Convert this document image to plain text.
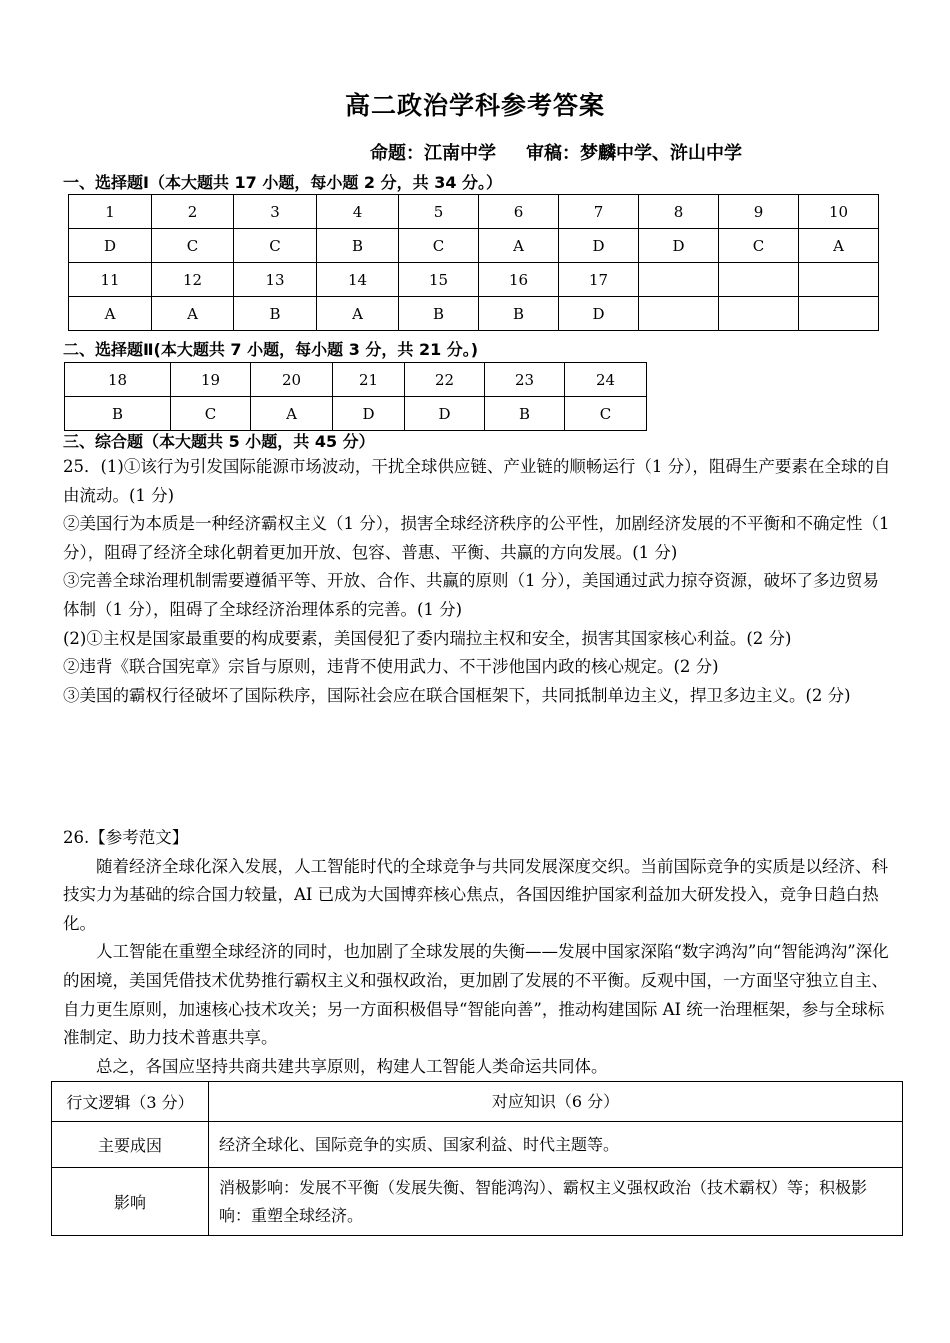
高二政治学科参考答案
命题：江南中学 审稿：梦麟中学、浒山中学
一、选择题Ⅰ（本大题共 17 小题，每小题 2 分，共 34 分。）
1	2	3	4	5	6	7	8	9	10
D	C	C	B	C	A	D	D	C	A
11	12	13	14	15	16	17			
A	A	B	A	B	B	D			
二、选择题Ⅱ(本大题共 7 小题，每小题 3 分，共 21 分。)
18	19	20	21	22	23	24
B	C	A	D	D	B	C
三、综合题（本大题共 5 小题，共 45 分）

25．(1)①该行为引发国际能源市场波动，干扰全球供应链、产业链的顺畅运行（1 分），阻碍生产要素在全球的自由流动。(1 分)

②美国行为本质是一种经济霸权主义（1 分），损害全球经济秩序的公平性，加剧经济发展的不平衡和不确定性（1 分），阻碍了经济全球化朝着更加开放、包容、普惠、平衡、共赢的方向发展。(1 分)

③完善全球治理机制需要遵循平等、开放、合作、共赢的原则（1 分），美国通过武力掠夺资源，破坏了多边贸易体制（1 分），阻碍了全球经济治理体系的完善。(1 分)

(2)①主权是国家最重要的构成要素，美国侵犯了委内瑞拉主权和安全，损害其国家核心利益。(2 分)

②违背《联合国宪章》宗旨与原则，违背不使用武力、不干涉他国内政的核心规定。(2 分)

③美国的霸权行径破坏了国际秩序，国际社会应在联合国框架下，共同抵制单边主义，捍卫多边主义。(2 分)

26.【参考范文】

随着经济全球化深入发展，人工智能时代的全球竞争与共同发展深度交织。当前国际竞争的实质是以经济、科技实力为基础的综合国力较量，AI 已成为大国博弈核心焦点，各国因维护国家利益加大研发投入，竞争日趋白热化。

人工智能在重塑全球经济的同时，也加剧了全球发展的失衡——发展中国家深陷“数字鸿沟”向“智能鸿沟”深化的困境，美国凭借技术优势推行霸权主义和强权政治，更加剧了发展的不平衡。反观中国，一方面坚守独立自主、自力更生原则，加速核心技术攻关；另一方面积极倡导“智能向善”，推动构建国际 AI 统一治理框架，参与全球标准制定、助力技术普惠共享。

总之，各国应坚持共商共建共享原则，构建人工智能人类命运共同体。

行文逻辑（3 分）	对应知识（6 分）
主要成因	经济全球化、国际竞争的实质、国家利益、时代主题等。
影响	消极影响：发展不平衡（发展失衡、智能鸿沟）、霸权主义强权政治（技术霸权）等；积极影响：重塑全球经济。
